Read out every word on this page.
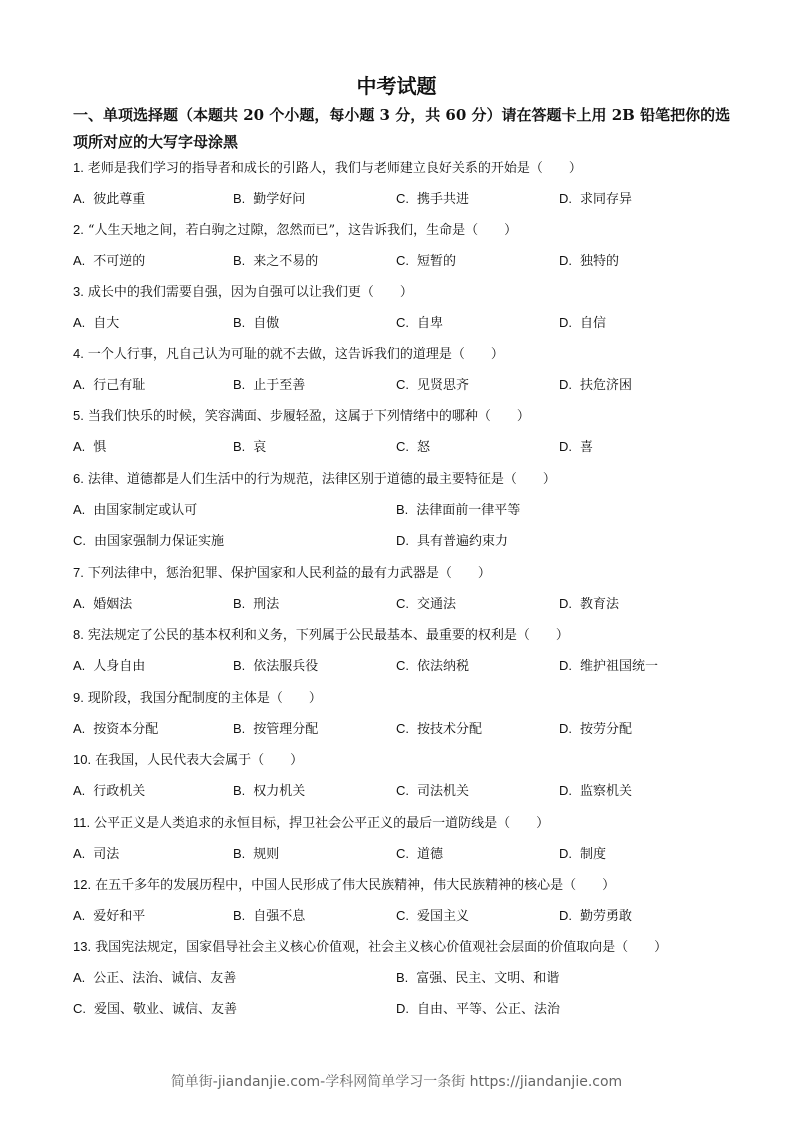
中考试题
一、单项选择题（本题共 20 个小题，每小题 3 分，共 60 分）请在答题卡上用 2B 铅笔把你的选项所对应的大写字母涂黑
1. 老师是我们学习的指导者和成长的引路人，我们与老师建立良好关系的开始是（　　）
A. 彼此尊重	B. 勤学好问	C. 携手共进	D. 求同存异
2. “人生天地之间，若白驹之过隙，忽然而已”，这告诉我们，生命是（　　）
A. 不可逆的	B. 来之不易的	C. 短暂的	D. 独特的
3. 成长中的我们需要自强，因为自强可以让我们更（　　）
A. 自大	B. 自傲	C. 自卑	D. 自信
4. 一个人行事，凡自己认为可耻的就不去做，这告诉我们的道理是（　　）
A. 行己有耻	B. 止于至善	C. 见贤思齐	D. 扶危济困
5. 当我们快乐的时候，笑容满面、步履轻盈，这属于下列情绪中的哪种（　　）
A. 惧	B. 哀	C. 怒	D. 喜
6. 法律、道德都是人们生活中的行为规范，法律区别于道德的最主要特征是（　　）
A. 由国家制定或认可	B. 法律面前一律平等
C. 由国家强制力保证实施	D. 具有普遍约束力
7. 下列法律中，惩治犯罪、保护国家和人民利益的最有力武器是（　　）
A. 婚姻法	B. 刑法	C. 交通法	D. 教育法
8. 宪法规定了公民的基本权利和义务，下列属于公民最基本、最重要的权利是（　　）
A. 人身自由	B. 依法服兵役	C. 依法纳税	D. 维护祖国统一
9. 现阶段，我国分配制度的主体是（　　）
A. 按资本分配	B. 按管理分配	C. 按技术分配	D. 按劳分配
10. 在我国，人民代表大会属于（　　）
A. 行政机关	B. 权力机关	C. 司法机关	D. 监察机关
11. 公平正义是人类追求的永恒目标，捍卫社会公平正义的最后一道防线是（　　）
A. 司法	B. 规则	C. 道德	D. 制度
12. 在五千多年的发展历程中，中国人民形成了伟大民族精神，伟大民族精神的核心是（　　）
A. 爱好和平	B. 自强不息	C. 爱国主义	D. 勤劳勇敢
13. 我国宪法规定，国家倡导社会主义核心价值观，社会主义核心价值观社会层面的价值取向是（　　）
A. 公正、法治、诚信、友善	B. 富强、民主、文明、和谐
C. 爱国、敬业、诚信、友善	D. 自由、平等、公正、法治
简单街-jiandanjie.com-学科网简单学习一条街 https://jiandanjie.com
